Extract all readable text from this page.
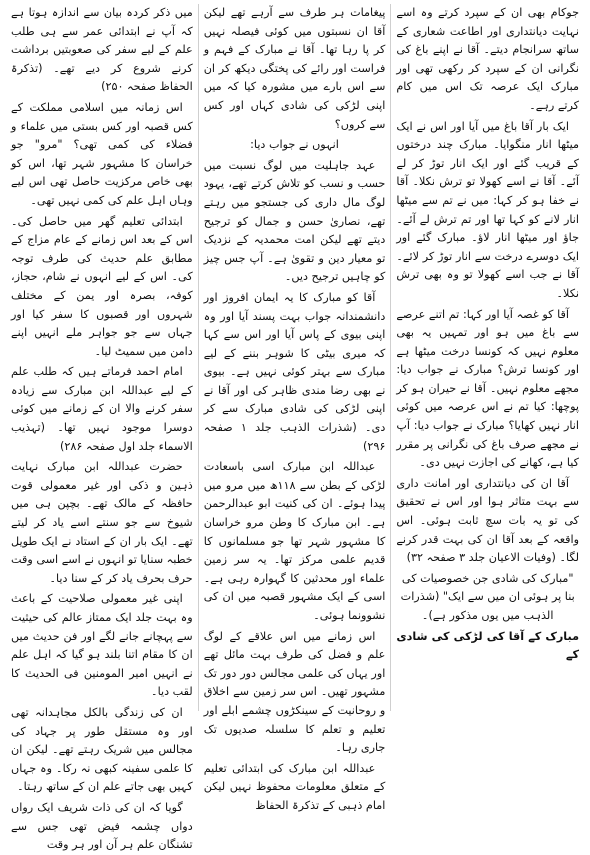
جوکام بھی ان کے سپرد کرتے وہ اسے نہایت دیانتداری اور اطاعت شعاری کے ساتھ سرانجام دیتے۔ آقا نے اپنے باغ کی نگرانی ان کے سپرد کر رکھی تھی اور مبارک ایک عرصہ تک اس میں کام کرتے رہے۔

ایک بار آقا باغ میں آیا اور اس نے ایک میٹھا انار منگوایا۔ مبارک چند درختوں کے قریب گئے اور ایک انار توڑ کر لے آئے۔ آقا نے اسے کھولا تو ترش نکلا۔ آقا نے خفا ہو کر کہا: میں نے تم سے میٹھا انار لانے کو کہا تھا اور تم ترش لے آئے۔ جاؤ اور میٹھا انار لاؤ۔ مبارک گئے اور ایک دوسرے درخت سے انار توڑ کر لائے۔ آقا نے جب اسے کھولا تو وہ بھی ترش نکلا۔

آقا کو غصہ آیا اور کہا: تم اتنے عرصے سے باغ میں ہو اور تمہیں یہ بھی معلوم نہیں کہ کونسا درخت میٹھا ہے اور کونسا ترش؟ مبارک نے جواب دیا: مجھے معلوم نہیں۔ آقا نے حیران ہو کر پوچھا: کیا تم نے اس عرصہ میں کوئی انار نہیں کھایا؟ مبارک نے جواب دیا: آپ نے مجھے صرف باغ کی نگرانی پر مقرر کیا ہے، کھانے کی اجازت نہیں دی۔

آقا ان کی دیانتداری اور امانت داری سے بہت متاثر ہوا اور اس نے تحقیق کی تو یہ بات سچ ثابت ہوئی۔ اس واقعہ کے بعد آقا ان کی بہت قدر کرنے لگا۔ (وفیات الاعیان جلد ۳ صفحہ ۳۲)

"مبارک کی شادی جن خصوصیات کی بنا پر ہوئی ان میں سے ایک" (شذرات الذہب میں یوں مذکور ہے)۔

مبارک کے آقا کی لڑکی کی شادی کے

پیغامات ہر طرف سے آرہے تھے لیکن آقا ان نسبتوں میں کوئی فیصلہ نہیں کر پا رہا تھا۔ آقا نے مبارک کے فہم و فراست اور رائے کی پختگی دیکھ کر ان سے اس بارے میں مشورہ کیا کہ میں اپنی لڑکی کی شادی کہاں اور کس سے کروں؟

انہوں نے جواب دیا:

عہد جاہلیت میں لوگ نسبت میں حسب و نسب کو تلاش کرتے تھے، یہود لوگ مال داری کی جستجو میں رہتے تھے، نصاریٰ حسن و جمال کو ترجیح دیتے تھے لیکن امت محمدیہ کے نزدیک تو معیار دین و تقویٰ ہے۔ آپ جس چیز کو چاہیں ترجیح دیں۔

آقا کو مبارک کا یہ ایمان افروز اور دانشمندانہ جواب بہت پسند آیا اور وہ اپنی بیوی کے پاس آیا اور اس سے کہا کہ میری بیٹی کا شوہر بننے کے لیے مبارک سے بہتر کوئی نہیں ہے۔ بیوی نے بھی رضا مندی ظاہر کی اور آقا نے اپنی لڑکی کی شادی مبارک سے کر دی۔ (شذرات الذہب جلد ۱ صفحہ ۲۹۶)

عبداللہ ابن مبارک اسی باسعادت لڑکی کے بطن سے ۱۱۸ھ میں مرو میں پیدا ہوئے۔ ان کی کنیت ابو عبدالرحمن ہے۔ ابن مبارک کا وطن مرو خراسان کا مشہور شہر تھا جو مسلمانوں کا قدیم علمی مرکز تھا۔ یہ سر زمین علماء اور محدثین کا گہوارہ رہی ہے۔ اسی کے ایک مشہور قصبہ میں ان کی نشوونما ہوئی۔

اس زمانے میں اس علاقے کے لوگ علم و فضل کی طرف بہت مائل تھے اور یہاں کی علمی مجالس دور دور تک مشہور تھیں۔ اس سر زمین سے اخلاق و روحانیت کے سینکڑوں چشمے ابلے اور تعلیم و تعلم کا سلسلہ صدیوں تک جاری رہا۔

عبداللہ ابن مبارک کی ابتدائی تعلیم کے متعلق معلومات محفوظ نہیں لیکن امام ذہبی کے تذکرۃ الحفاظ

میں ذکر کردہ بیان سے اندازہ ہوتا ہے کہ آپ نے ابتدائی عمر سے ہی طلب علم کے لیے سفر کی صعوبتیں برداشت کرنے شروع کر دیے تھے۔ (تذکرۃ الحفاظ صفحہ ۲۵۰)

اس زمانہ میں اسلامی مملکت کے کس قصبہ اور کس بستی میں علماء و فضلاء کی کمی تھی؟ "مرو" جو خراسان کا مشہور شہر تھا، اس کو بھی خاص مرکزیت حاصل تھی اس لیے وہاں اہل علم کی کمی نہیں تھی۔

ابتدائی تعلیم گھر میں حاصل کی۔ اس کے بعد اس زمانے کے عام مزاج کے مطابق علم حدیث کی طرف توجہ کی۔ اس کے لیے انہوں نے شام، حجاز، کوفہ، بصرہ اور یمن کے مختلف شہروں اور قصبوں کا سفر کیا اور جہاں سے جو جواہر ملے انہیں اپنے دامن میں سمیٹ لیا۔

امام احمد فرماتے ہیں کہ طلب علم کے لیے عبداللہ ابن مبارک سے زیادہ سفر کرنے والا ان کے زمانے میں کوئی دوسرا موجود نہیں تھا۔ (تہذیب الاسماء جلد اول صفحہ ۲۸۶)

حضرت عبداللہ ابن مبارک نہایت ذہین و ذکی اور غیر معمولی قوت حافظہ کے مالک تھے۔ بچپن ہی میں شیوخ سے جو سنتے اسے یاد کر لیتے تھے۔ ایک بار ان کے استاد نے ایک طویل خطبہ سنایا تو انہوں نے اسے اسی وقت حرف بحرف یاد کر کے سنا دیا۔

اپنی غیر معمولی صلاحیت کے باعث وہ بہت جلد ایک ممتاز عالم کی حیثیت سے پہچانے جانے لگے اور فن حدیث میں ان کا مقام اتنا بلند ہو گیا کہ اہل علم نے انہیں امیر المومنین فی الحدیث کا لقب دیا۔

ان کی زندگی بالکل مجاہدانہ تھی اور وہ مستقل طور پر جہاد کی مجالس میں شریک رہتے تھے۔ لیکن ان کا علمی سفینہ کبھی نہ رکا۔ وہ جہاں کہیں بھی جاتے علم ان کے ساتھ رہتا۔

گویا کہ ان کی ذات شریف ایک رواں دواں چشمہ فیض تھی جس سے تشنگان علم ہر آن اور ہر وقت
